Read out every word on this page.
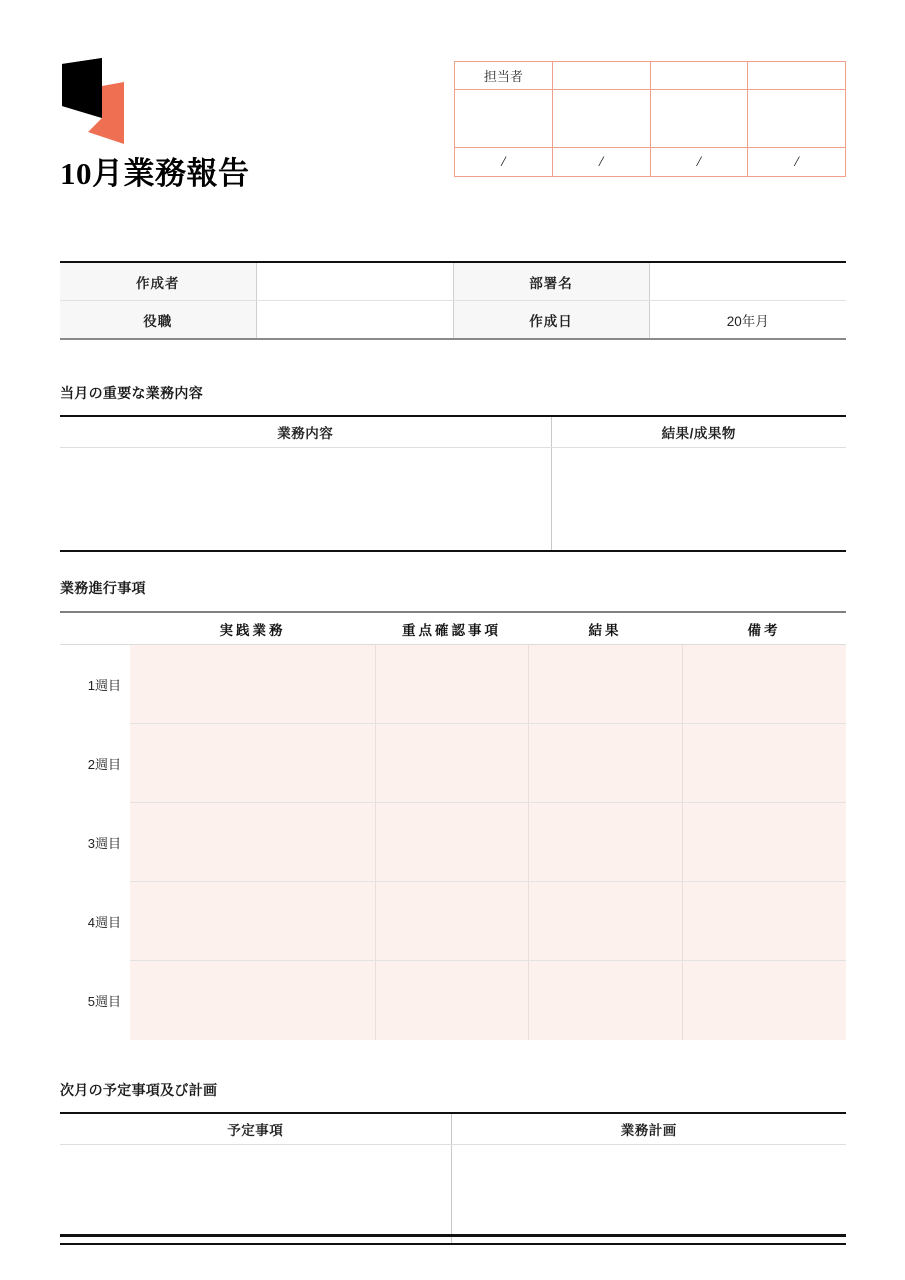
10月業務報告
担当者			

/	/	/	/
作成者		部署名	
役職		作成日	20年月
当月の重要な業務内容
業務内容	結果/成果物

業務進行事項
	実践業務	重点確認事項	結果	備考
1週目				
2週目				
3週目				
4週目				
5週目				
次月の予定事項及び計画
予定事項	業務計画
